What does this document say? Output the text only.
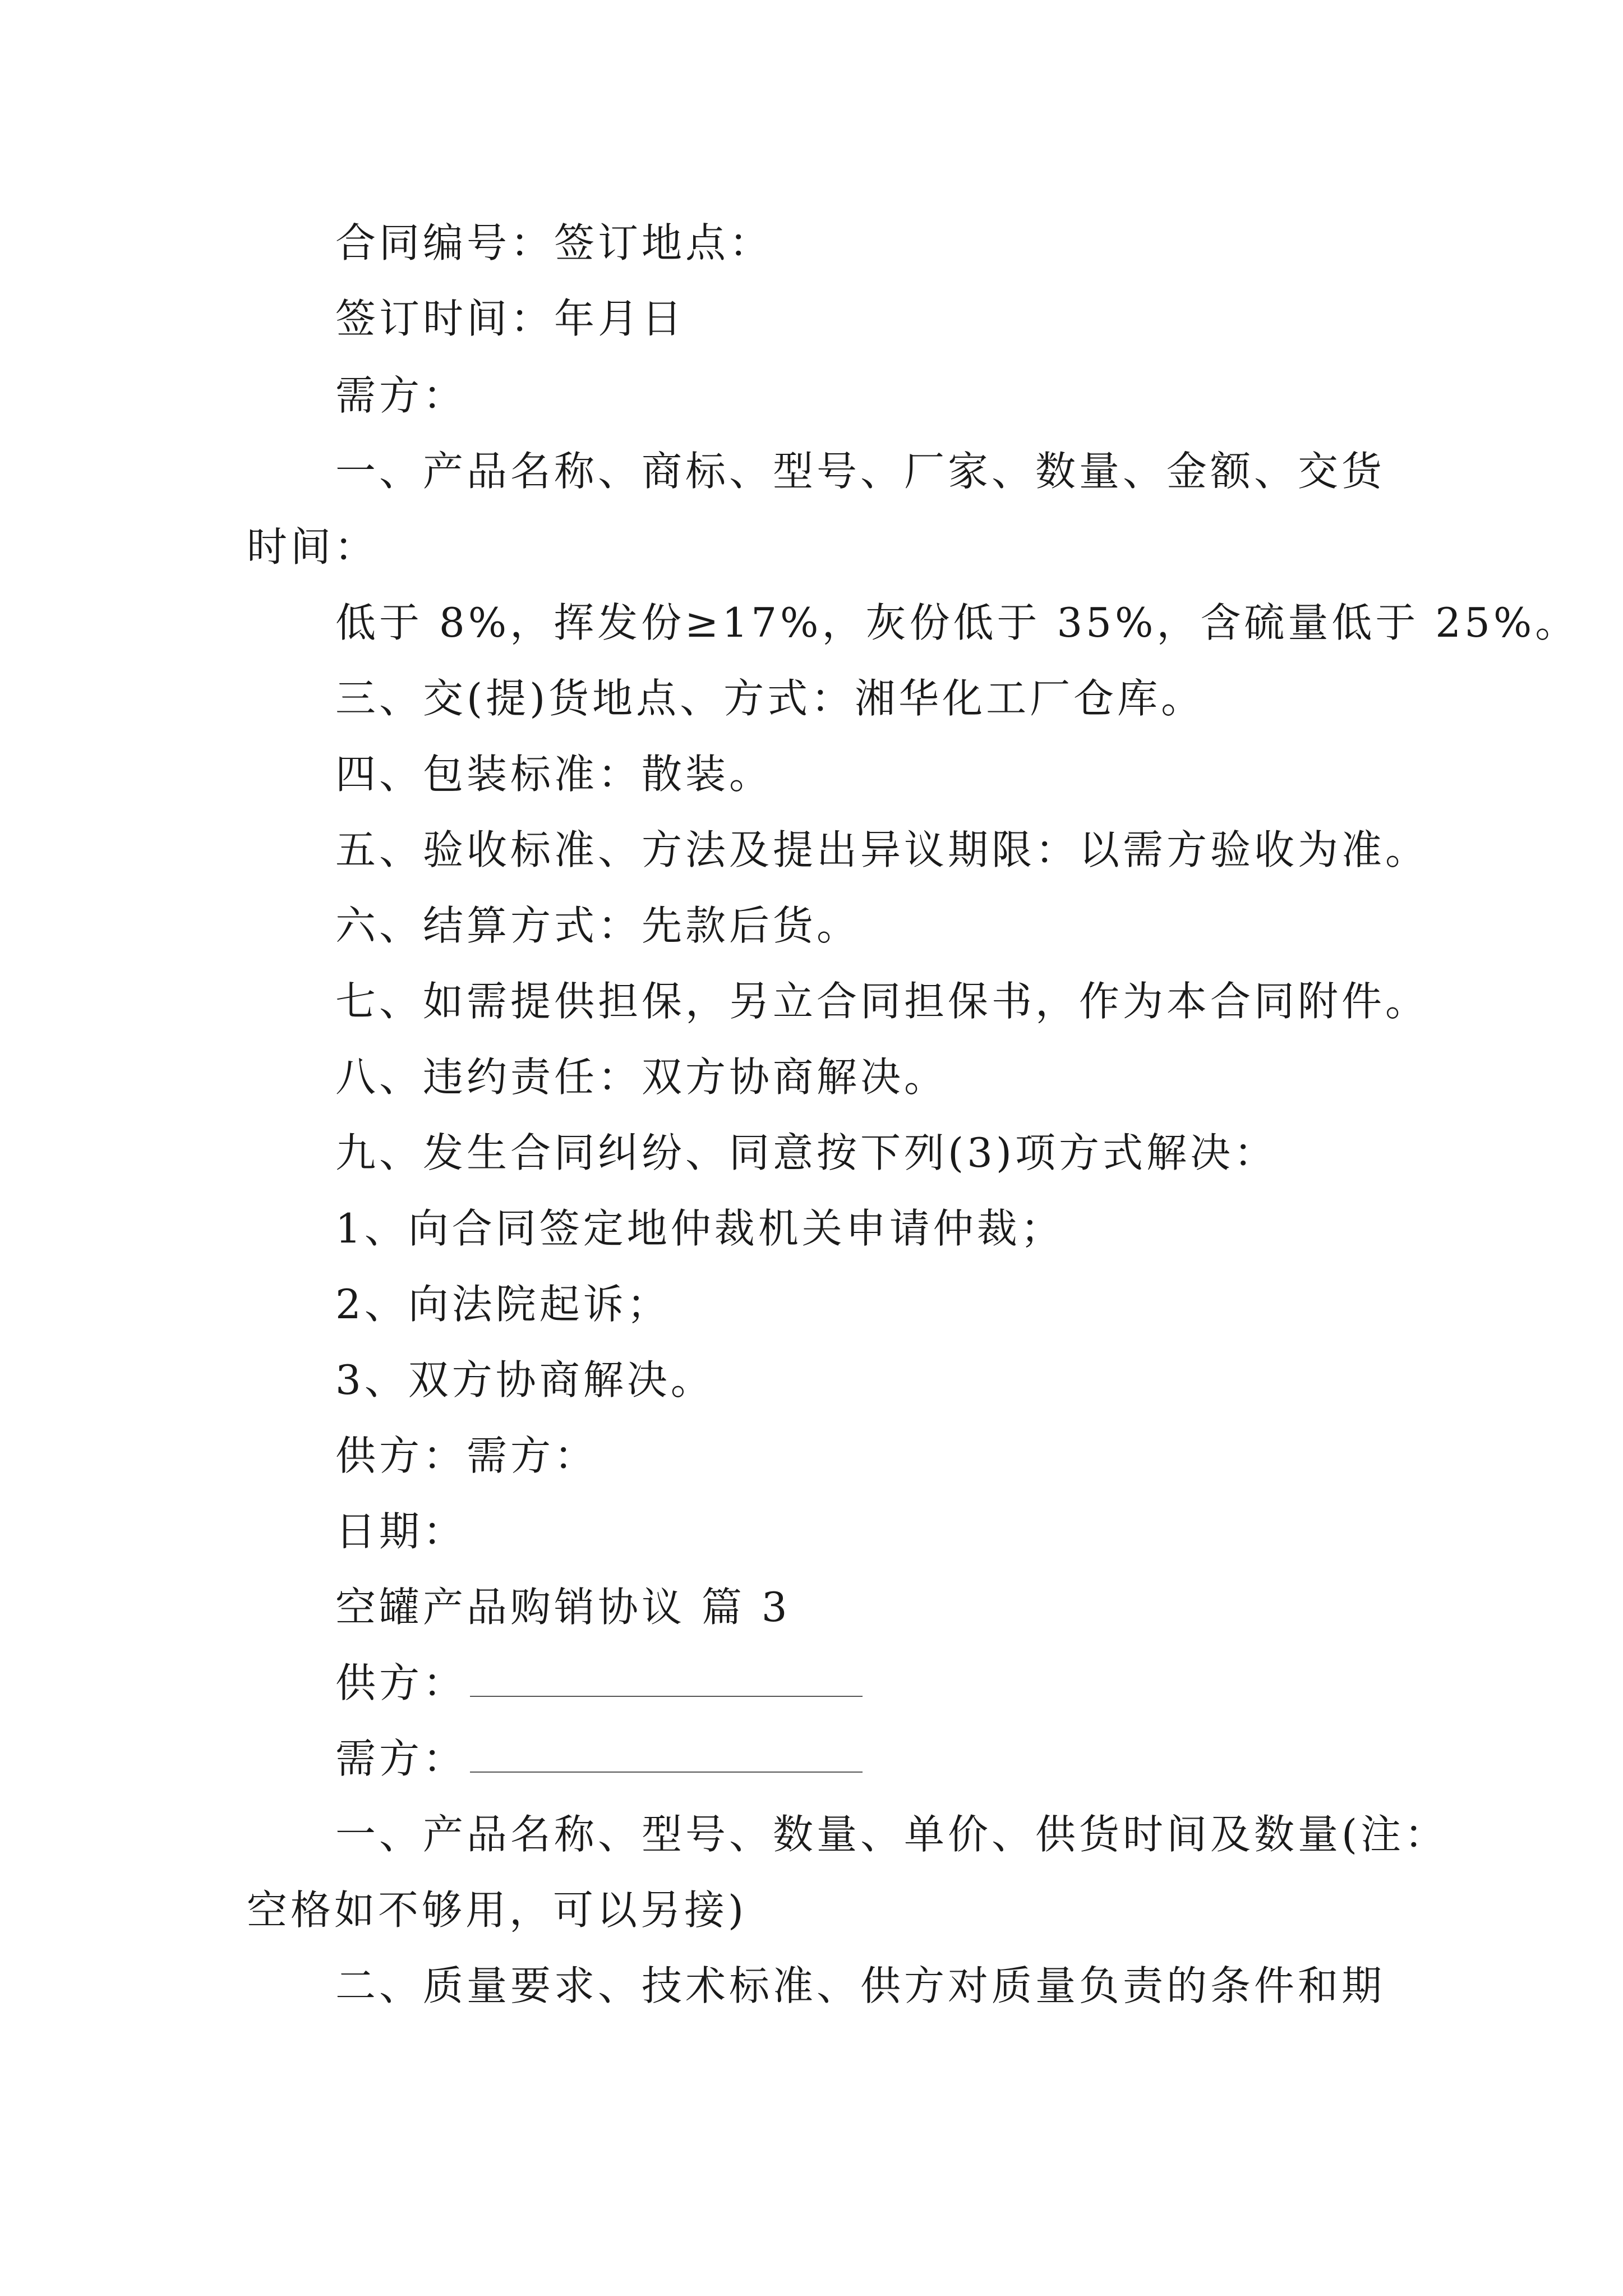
合同编号：签订地点：
签订时间：年月日
需方：
一、产品名称、商标、型号、厂家、数量、金额、交货
时间：
低于 8%，挥发份≥17%，灰份低于 35%，含硫量低于 25%。
三、交(提)货地点、方式：湘华化工厂仓库。
四、包装标准：散装。
五、验收标准、方法及提出异议期限：以需方验收为准。
六、结算方式：先款后货。
七、如需提供担保，另立合同担保书，作为本合同附件。
八、违约责任：双方协商解决。
九、发生合同纠纷、同意按下列(3)项方式解决：
1、向合同签定地仲裁机关申请仲裁；
2、向法院起诉；
3、双方协商解决。
供方：需方：
日期：
空罐产品购销协议 篇 3
供方：
需方：
一、产品名称、型号、数量、单价、供货时间及数量(注：
空格如不够用，可以另接)
二、质量要求、技术标准、供方对质量负责的条件和期
